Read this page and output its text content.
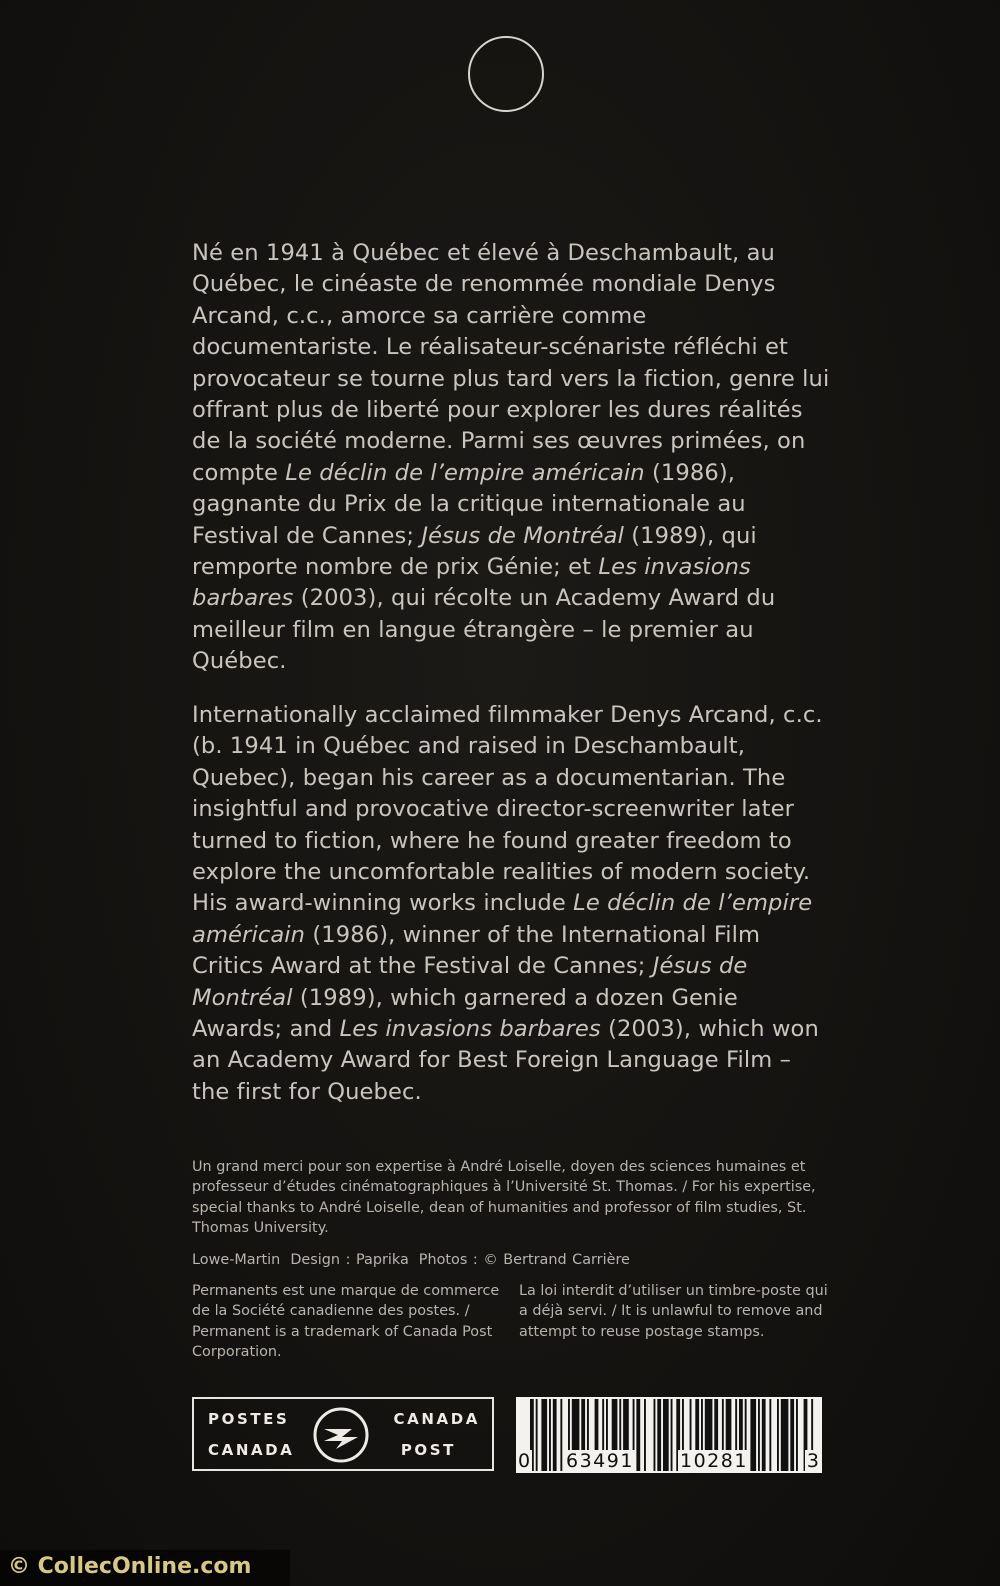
Né en 1941 à Québec et élevé à Deschambault, au Québec, le cinéaste de renommée mondiale Denys Arcand, c.c., amorce sa carrière comme documentariste. Le réalisateur-scénariste réfléchi et provocateur se tourne plus tard vers la fiction, genre lui offrant plus de liberté pour explorer les dures réalités de la société moderne. Parmi ses œuvres primées, on compte Le déclin de l’empire américain (1986), gagnante du Prix de la critique internationale au Festival de Cannes; Jésus de Montréal (1989), qui remporte nombre de prix Génie; et Les invasions barbares (2003), qui récolte un Academy Award du meilleur film en langue étrangère – le premier au Québec.

Internationally acclaimed filmmaker Denys Arcand, c.c. (b. 1941 in Québec and raised in Deschambault, Quebec), began his career as a documentarian. The insightful and provocative director-screenwriter later turned to fiction, where he found greater freedom to explore the uncomfortable realities of modern society. His award-winning works include Le déclin de l’empire américain (1986), winner of the International Film Critics Award at the Festival de Cannes; Jésus de Montréal (1989), which garnered a dozen Genie Awards; and Les invasions barbares (2003), which won an Academy Award for Best Foreign Language Film – the first for Quebec.

Un grand merci pour son expertise à André Loiselle, doyen des sciences humaines et professeur d’études cinématographiques à l’Université St. Thomas. / For his expertise, special thanks to André Loiselle, dean of humanities and professor of film studies, St. Thomas University.

Lowe-Martin Design : Paprika Photos : © Bertrand Carrière

Permanents est une marque de commerce de la Société canadienne des postes. / Permanent is a trademark of Canada Post Corporation.

La loi interdit d’utiliser un timbre-poste qui a déjà servi. / It is unlawful to remove and attempt to reuse postage stamps.

POSTES
CANADA
CANADA
POST	0 63491 10281	3
© CollecOnline.com
